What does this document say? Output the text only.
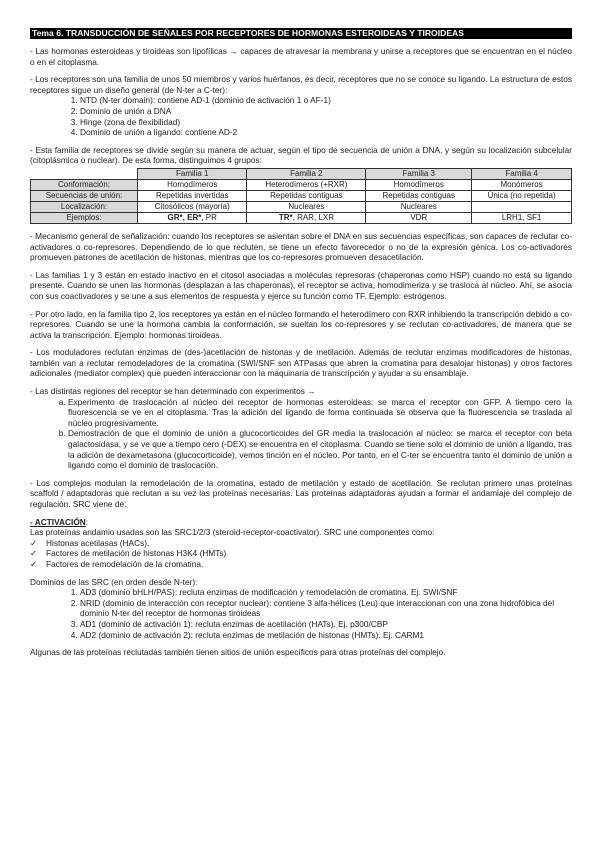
Tema 6. TRANSDUCCIÓN DE SEÑALES POR RECEPTORES DE HORMONAS ESTEROIDEAS Y TIROIDEAS

- Las hormonas esteroideas y tiroideas son lipofílicas → capaces de atravesar la membrana y unirse a receptores que se encuentran en el núcleo o en el citoplasma.

- Los receptores son una familia de unos 50 miembros y varios huérfanos, es decir, receptores que no se conoce su ligando. La estructura de estos receptores sigue un diseño general (de N-ter a C-ter):

1. NTD (N-ter domain): contiene AD-1 (dominio de activación 1 o AF-1)
2. Dominio de unión a DNA
3. Hinge (zona de flexibilidad)
4. Dominio de unión a ligando: contiene AD-2

- Esta familia de receptores se divide según su manera de actuar, según el tipo de secuencia de unión a DNA, y según su localización subcelular (citoplásmica o nuclear). De esta forma, distinguimos 4 grupos:

	Familia 1	Familia 2	Familia 3	Familia 4
Conformación:	Homodímeros	Heterodímeros (+RXR)	Homodímeros	Monómeros
Secuencias de unión:	Repetidas invertidas	Repetidas contiguas	Repetidas contiguas	Única (no repetida)
Localización:	Citosólicos (mayoría)	Nucleares	Nucleares	
Ejemplos:	GR*, ER*, PR	TR*, RAR, LXR	VDR	LRH1, SF1

- Mecanismo general de señalización: cuando los receptores se asientan sobre el DNA en sus secuencias específicas, son capaces de reclutar co-activadores o co-represores. Dependiendo de lo que recluten, se tiene un efecto favorecedor o no de la expresión génica. Los co-activadores promueven patrones de acetilación de histonas, mientras que los co-represores promueven desacetilación.

- Las familias 1 y 3 están en estado inactivo en el citosol asociadas a moléculas represoras (chaperonas como HSP) cuando no está su ligando presente. Cuando se unen las hormonas (desplazan a las chaperonas), el receptor se activa, homodimeriza y se trasloca al núcleo. Ahí, se asocia con sus coactivadores y se une a sus elementos de respuesta y ejerce su función como TF. Ejemplo: estrógenos.

- Por otro lado, en la familia tipo 2, los receptores ya están en el núcleo formando el heterodímero con RXR inhibiendo la transcripción debido a co-represores. Cuando se une la hormona cambia la conformación, se sueltan los co-represores y se reclutan co-activadores, de manera que se activa la transcripción. Ejemplo: hormonas tiroideas.

- Los moduladores reclutan enzimas de (des-)acetilación de histonas y de metilación. Además de reclutar enzimas modificadores de histonas, también van a reclutar remodeladores de la cromatina (SWI/SNF son ATPasas que abren la cromatina para desalojar histonas) y otros factores adicionales (mediator complex) que pueden interaccionar con la maquinaria de transcripción y ayudar a su ensamblaje.

- Las distintas regiones del receptor se han determinado con experimentos →

a. Experimento de traslocación al núcleo del receptor de hormonas esteroideas: se marca el receptor con GFP. A tiempo cero la fluorescencia se ve en el citoplasma. Tras la adición del ligando de forma continuada se observa que la fluorescencia se traslada al núcleo progresivamente.
b. Demostración de que el dominio de unión a glucocorticoides del GR media la traslocación al núcleo: se marca el receptor con beta galactosidasa, y se ve que a tiempo cero (-DEX) se encuentra en el citoplasma. Cuando se tiene solo el dominio de unión a ligando, tras la adición de dexametasona (glucocorticoide), vemos tinción en el núcleo. Por tanto, en el C-ter se encuentra tanto el dominio de unión a ligando como el dominio de traslocación.

- Los complejos modulan la remodelación de la cromatina, estado de metilación y estado de acetilación. Se reclutan primero unas proteínas scaffold / adaptadoras que reclutan a su vez las proteínas necesarias. Las proteínas adaptadoras ayudan a formar el andamiaje del complejo de regulación. SRC viene de:

- ACTIVACIÓN:
Las proteínas andamio usadas son las SRC1/2/3 (steroid-receptor-coactivator). SRC une componentes como:
✓ Histonas acetilasas (HACs).
✓ Factores de metilación de histonas H3K4 (HMTs)
✓ Factores de remodelación de la cromatina.
Dominios de las SRC (en orden desde N-ter):
1. AD3 (dominio bHLH/PAS): recluta enzimas de modificación y remodelación de cromatina. Ej. SWI/SNF
2. NRID (dominio de interacción con receptor nuclear): contiene 3 alfa-hélices (Leu) que interaccionan con una zona hidrofóbica del dominio N-ter del receptor de hormonas tiroideas
3. AD1 (dominio de activación 1): recluta enzimas de acetilación (HATs). Ej. p300/CBP
4. AD2 (dominio de activación 2): recluta enzimas de metilación de histonas (HMTs). Ej. CARM1

Algunas de las proteínas reclutadas también tienen sitios de unión específicos para otras proteínas del complejo.
